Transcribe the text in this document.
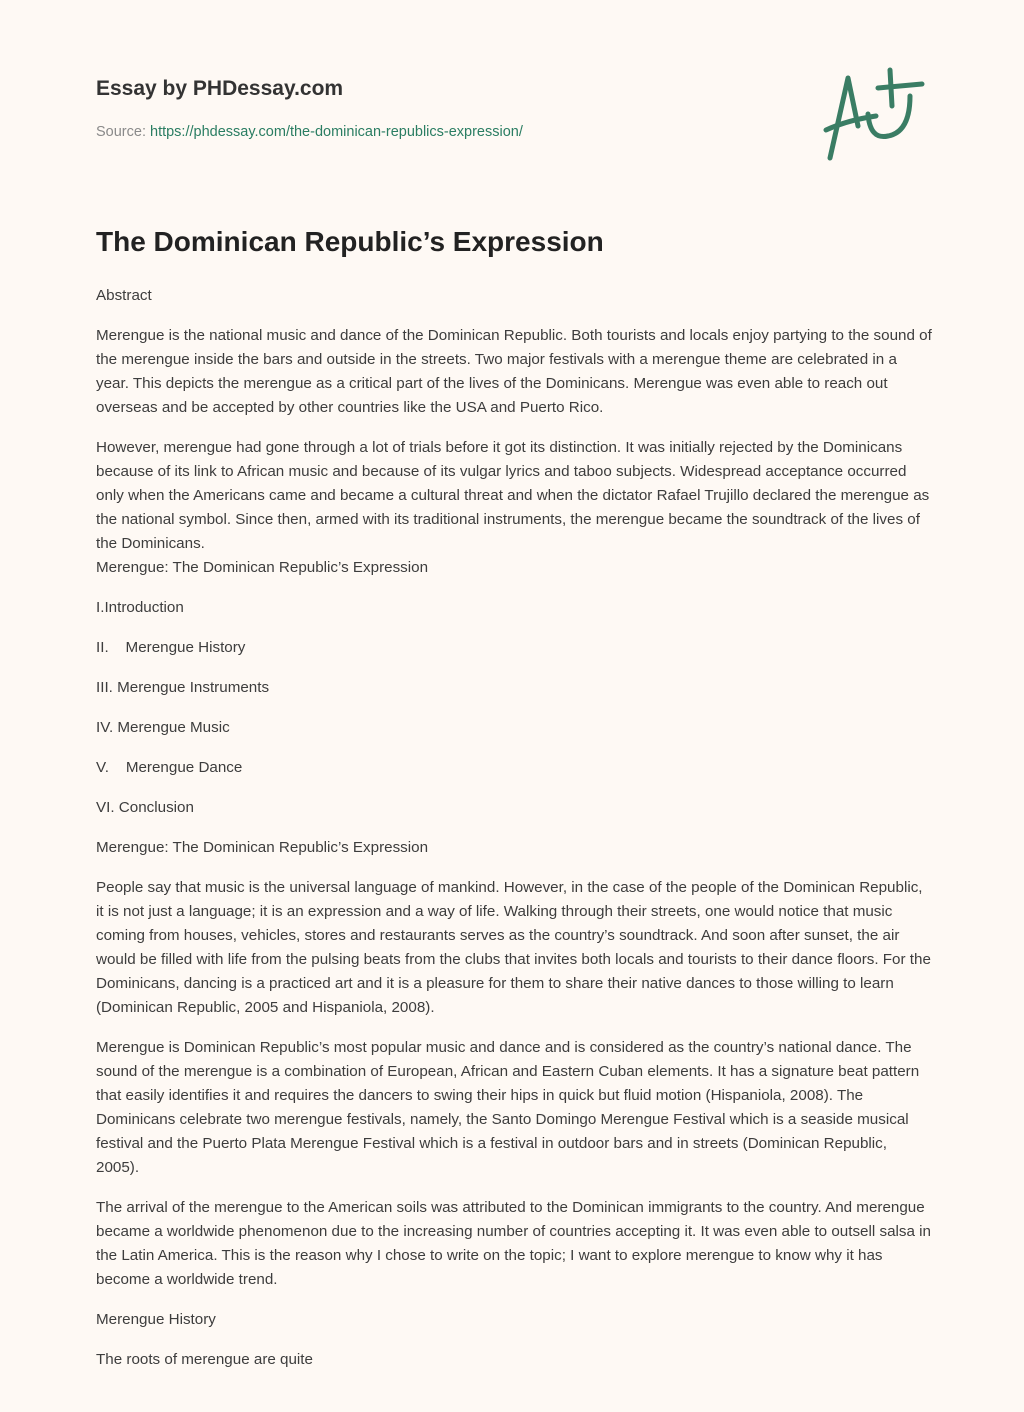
Essay by PHDessay.com
Source: https://phdessay.com/the-dominican-republics-expression/
The Dominican Republic’s Expression

Abstract

Merengue is the national music and dance of the Dominican Republic. Both tourists and locals enjoy partying to the sound of the merengue inside the bars and outside in the streets. Two major festivals with a merengue theme are celebrated in a year. This depicts the merengue as a critical part of the lives of the Dominicans. Merengue was even able to reach out overseas and be accepted by other countries like the USA and Puerto Rico.

However, merengue had gone through a lot of trials before it got its distinction. It was initially rejected by the Dominicans because of its link to African music and because of its vulgar lyrics and taboo subjects. Widespread acceptance occurred only when the Americans came and became a cultural threat and when the dictator Rafael Trujillo declared the merengue as the national symbol. Since then, armed with its traditional instruments, the merengue became the soundtrack of the lives of the Dominicans.

Merengue: The Dominican Republic’s Expression

I.Introduction

II.    Merengue History

III. Merengue Instruments

IV. Merengue Music

V.    Merengue Dance

VI. Conclusion

Merengue: The Dominican Republic’s Expression

People say that music is the universal language of mankind. However, in the case of the people of the Dominican Republic, it is not just a language; it is an expression and a way of life. Walking through their streets, one would notice that music coming from houses, vehicles, stores and restaurants serves as the country’s soundtrack. And soon after sunset, the air would be filled with life from the pulsing beats from the clubs that invites both locals and tourists to their dance floors. For the Dominicans, dancing is a practiced art and it is a pleasure for them to share their native dances to those willing to learn (Dominican Republic, 2005 and Hispaniola, 2008).

Merengue is Dominican Republic’s most popular music and dance and is considered as the country’s national dance. The sound of the merengue is a combination of European, African and Eastern Cuban elements. It has a signature beat pattern that easily identifies it and requires the dancers to swing their hips in quick but fluid motion (Hispaniola, 2008). The Dominicans celebrate two merengue festivals, namely, the Santo Domingo Merengue Festival which is a seaside musical festival and the Puerto Plata Merengue Festival which is a festival in outdoor bars and in streets (Dominican Republic, 2005).

The arrival of the merengue to the American soils was attributed to the Dominican immigrants to the country. And merengue became a worldwide phenomenon due to the increasing number of countries accepting it. It was even able to outsell salsa in the Latin America. This is the reason why I chose to write on the topic; I want to explore merengue to know why it has become a worldwide trend.

Merengue History

The roots of merengue are quite
